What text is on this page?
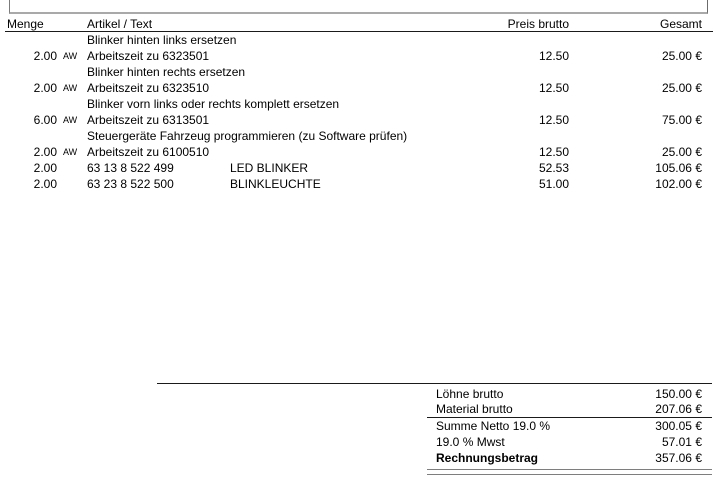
Menge	Artikel / Text	Preis brutto	Gesamt
Blinker hinten links ersetzen
2.00 AW Arbeitszeit zu 6323501	12.50	25.00 €
Blinker hinten rechts ersetzen
2.00 AW Arbeitszeit zu 6323510	12.50	25.00 €
Blinker vorn links oder rechts komplett ersetzen
6.00 AW Arbeitszeit zu 6313501	12.50	75.00 €
Steuergeräte Fahrzeug programmieren (zu Software prüfen)
2.00 AW Arbeitszeit zu 6100510	12.50	25.00 €
2.00	63 13 8 522 499	LED BLINKER	52.53	105.06 €
2.00	63 23 8 522 500	BLINKLEUCHTE	51.00	102.00 €
Löhne brutto	150.00 €
Material brutto	207.06 €
Summe Netto 19.0 %	300.05 €
19.0 % Mwst	57.01 €
Rechnungsbetrag	357.06 €
